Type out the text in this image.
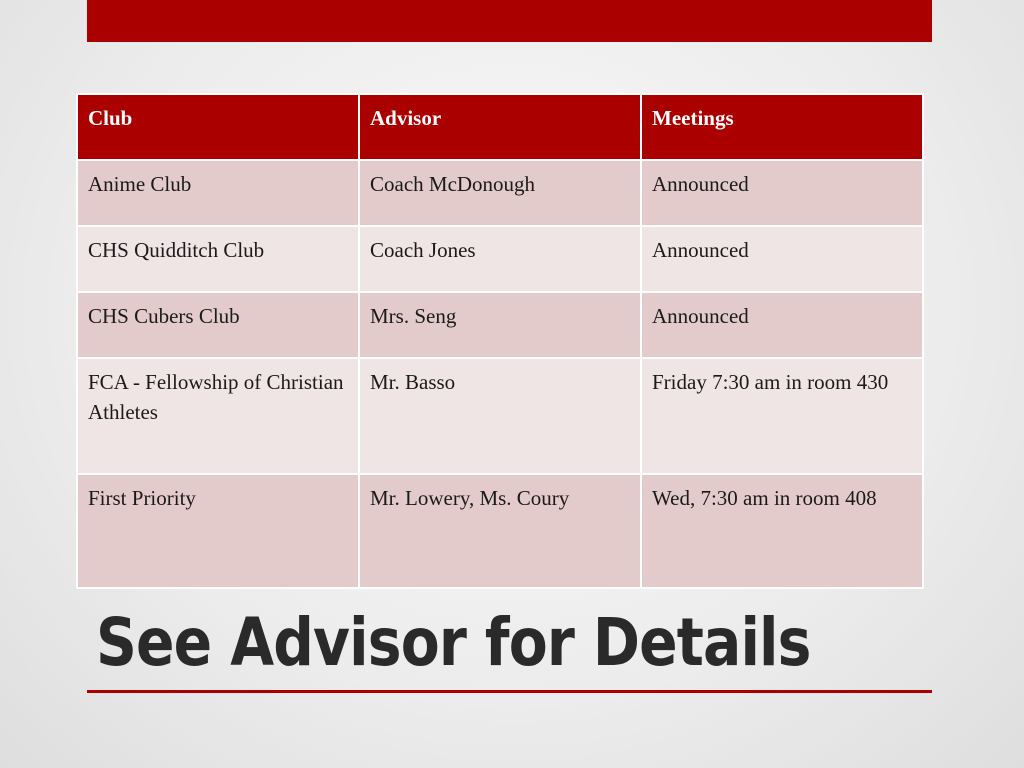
Club	Advisor	Meetings
Anime Club	Coach McDonough	Announced
CHS Quidditch Club	Coach Jones	Announced
CHS Cubers Club	Mrs. Seng	Announced
FCA - Fellowship of Christian Athletes	Mr. Basso	Friday 7:30 am in room 430
First Priority	Mr. Lowery, Ms. Coury	Wed, 7:30 am in room 408
See Advisor for Details
